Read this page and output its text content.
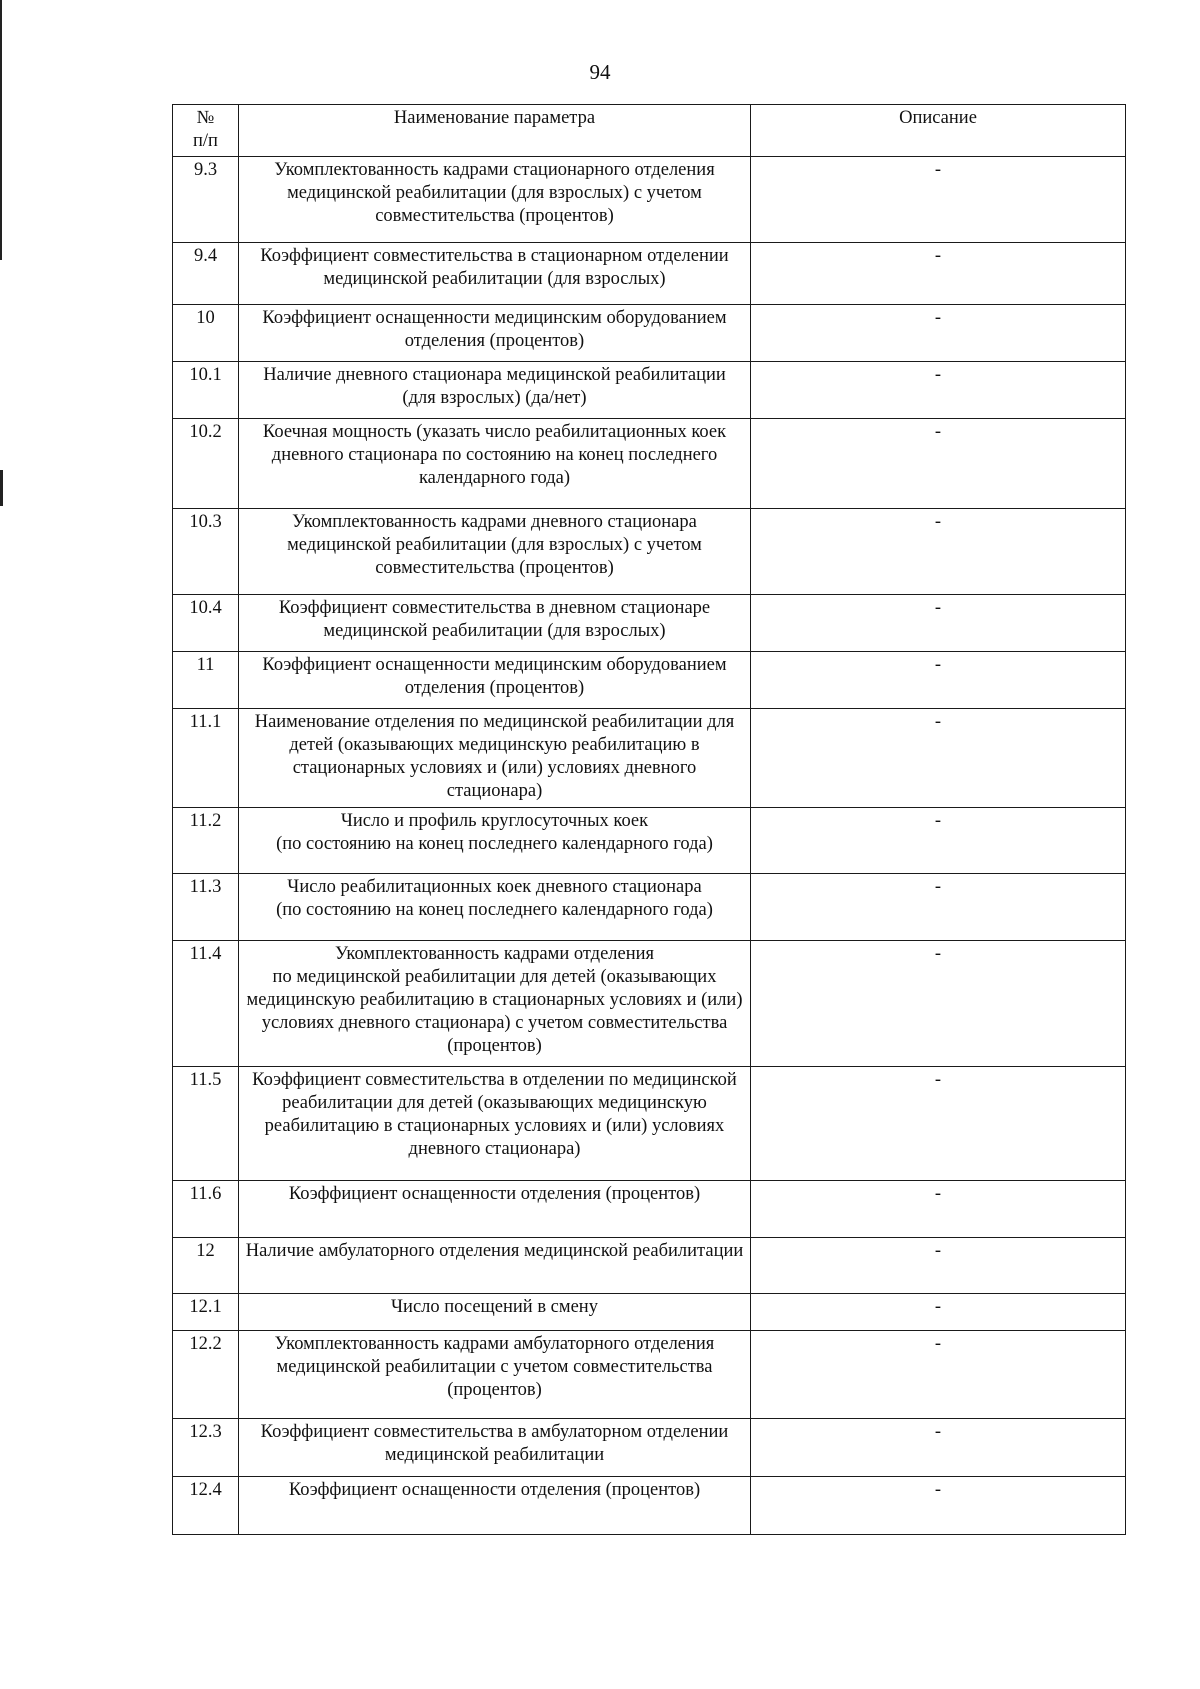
94
№
п/п	Наименование параметра	Описание
9.3	Укомплектованность кадрами стационарного отделения медицинской реабилитации (для взрослых) с учетом совместительства (процентов)	-
9.4	Коэффициент совместительства в стационарном отделении медицинской реабилитации (для взрослых)	-
10	Коэффициент оснащенности медицинским оборудованием отделения (процентов)	-
10.1	Наличие дневного стационара медицинской реабилитации (для взрослых) (да/нет)	-
10.2	Коечная мощность (указать число реабилитационных коек дневного стационара по состоянию на конец последнего календарного года)	-
10.3	Укомплектованность кадрами дневного стационара медицинской реабилитации (для взрослых) с учетом совместительства (процентов)	-
10.4	Коэффициент совместительства в дневном стационаре медицинской реабилитации (для взрослых)	-
11	Коэффициент оснащенности медицинским оборудованием отделения (процентов)	-
11.1	Наименование отделения по медицинской реабилитации для детей (оказывающих медицинскую реабилитацию в стационарных условиях и (или) условиях дневного стационара)	-
11.2	Число и профиль круглосуточных коек
(по состоянию на конец последнего календарного года)	-
11.3	Число реабилитационных коек дневного стационара
(по состоянию на конец последнего календарного года)	-
11.4	Укомплектованность кадрами отделения
по медицинской реабилитации для детей (оказывающих медицинскую реабилитацию в стационарных условиях и (или) условиях дневного стационара) с учетом совместительства (процентов)	-
11.5	Коэффициент совместительства в отделении по медицинской реабилитации для детей (оказывающих медицинскую реабилитацию в стационарных условиях и (или) условиях дневного стационара)	-
11.6	Коэффициент оснащенности отделения (процентов)	-
12	Наличие амбулаторного отделения медицинской реабилитации	-
12.1	Число посещений в смену	-
12.2	Укомплектованность кадрами амбулаторного отделения медицинской реабилитации с учетом совместительства (процентов)	-
12.3	Коэффициент совместительства в амбулаторном отделении медицинской реабилитации	-
12.4	Коэффициент оснащенности отделения (процентов)	-
